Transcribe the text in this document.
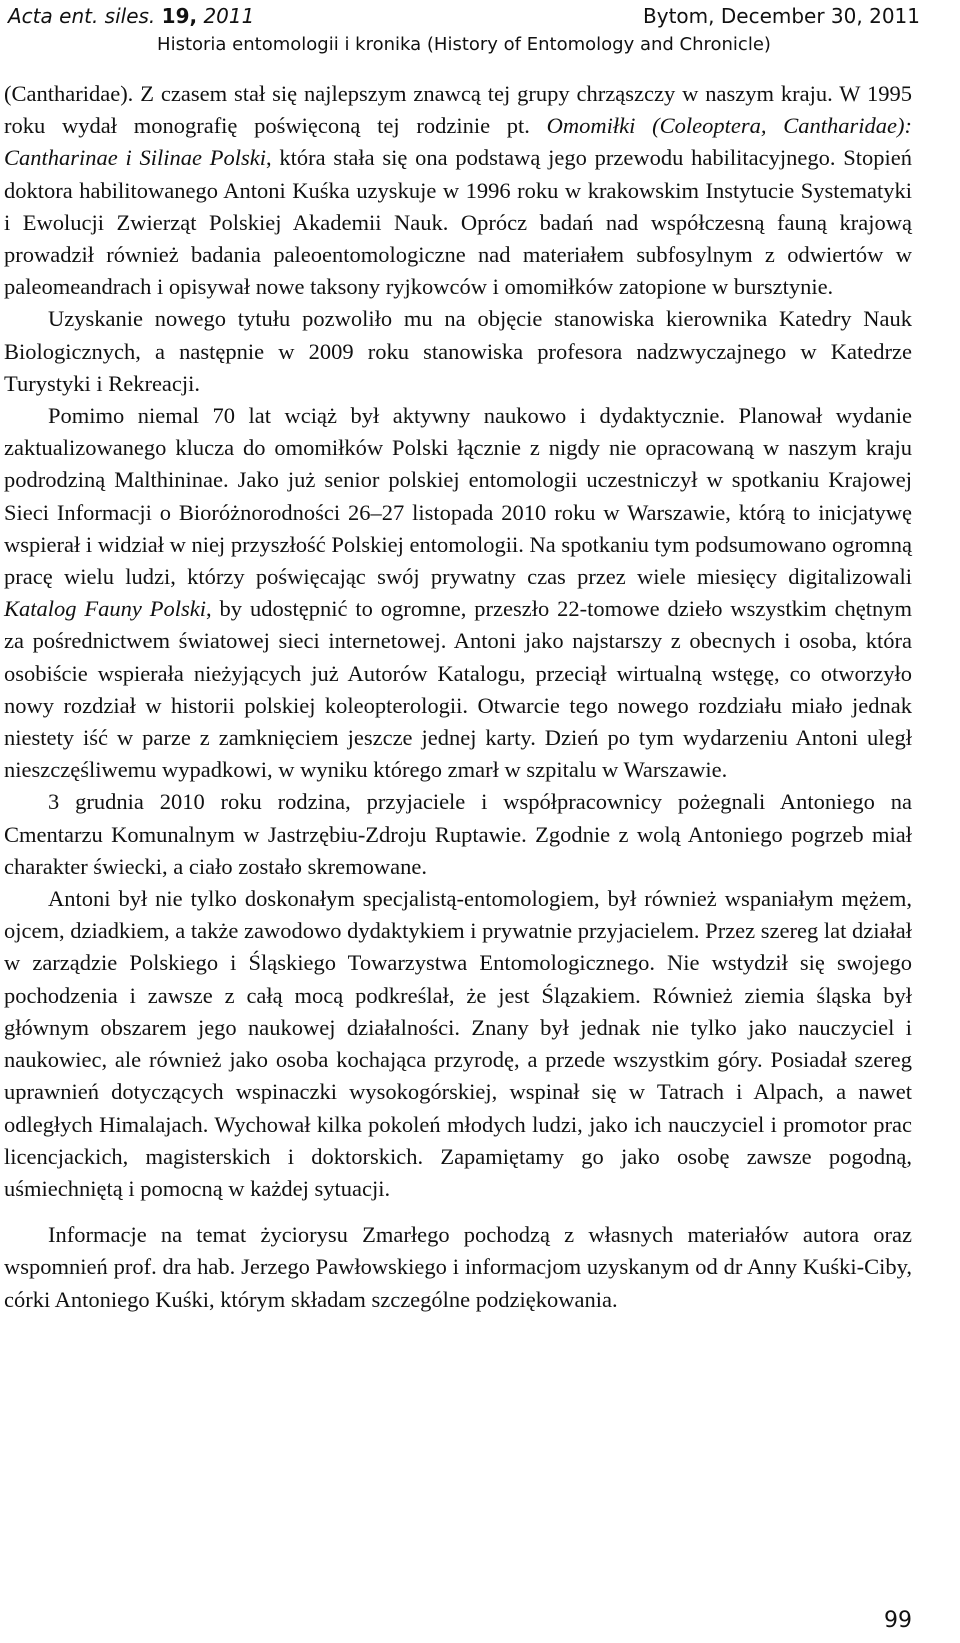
Acta ent. siles. 19, 2011	Bytom, December 30, 2011
Historia entomologii i kronika (History of Entomology and Chronicle)

(Cantharidae). Z czasem stał się najlepszym znawcą tej grupy chrząszczy w naszym kraju. W 1995 roku wydał monografię poświęconą tej rodzinie pt. Omomiłki (Coleoptera, Cantharidae): Cantharinae i Silinae Polski, która stała się ona podstawą jego przewodu habilitacyjnego. Stopień doktora habilitowanego Antoni Kuśka uzyskuje w 1996 roku w krakowskim Instytucie Systematyki i Ewolucji Zwierząt Polskiej Akademii Nauk. Oprócz badań nad współczesną fauną krajową prowadził również badania paleoentomologiczne nad materiałem subfosylnym z odwiertów w paleomeandrach i opisywał nowe taksony ryjkowców i omomiłków zatopione w bursztynie.

Uzyskanie nowego tytułu pozwoliło mu na objęcie stanowiska kierownika Katedry Nauk Biologicznych, a następnie w 2009 roku stanowiska profesora nadzwyczajnego w Katedrze Turystyki i Rekreacji.

Pomimo niemal 70 lat wciąż był aktywny naukowo i dydaktycznie. Planował wydanie zaktualizowanego klucza do omomiłków Polski łącznie z nigdy nie opracowaną w naszym kraju podrodziną Malthininae. Jako już senior polskiej entomologii uczestniczył w spotkaniu Krajowej Sieci Informacji o Bioróżnorodności 26–27 listopada 2010 roku w Warszawie, którą to inicjatywę wspierał i widział w niej przyszłość Polskiej entomologii. Na spotkaniu tym podsumowano ogromną pracę wielu ludzi, którzy poświęcając swój prywatny czas przez wiele miesięcy digitalizowali Katalog Fauny Polski, by udostępnić to ogromne, przeszło 22-tomowe dzieło wszystkim chętnym za pośrednictwem światowej sieci internetowej. Antoni jako najstarszy z obecnych i osoba, która osobiście wspierała nieżyjących już Autorów Katalogu, przeciął wirtualną wstęgę, co otworzyło nowy rozdział w historii polskiej koleopterologii. Otwarcie tego nowego rozdziału miało jednak niestety iść w parze z zamknięciem jeszcze jednej karty. Dzień po tym wydarzeniu Antoni uległ nieszczęśliwemu wypadkowi, w wyniku którego zmarł w szpitalu w Warszawie.

3 grudnia 2010 roku rodzina, przyjaciele i współpracownicy pożegnali Antoniego na Cmentarzu Komunalnym w Jastrzębiu-Zdroju Ruptawie. Zgodnie z wolą Antoniego pogrzeb miał charakter świecki, a ciało zostało skremowane.

Antoni był nie tylko doskonałym specjalistą-entomologiem, był również wspaniałym mężem, ojcem, dziadkiem, a także zawodowo dydaktykiem i prywatnie przyjacielem. Przez szereg lat działał w zarządzie Polskiego i Śląskiego Towarzystwa Entomologicznego. Nie wstydził się swojego pochodzenia i zawsze z całą mocą podkreślał, że jest Ślązakiem. Również ziemia śląska był głównym obszarem jego naukowej działalności. Znany był jednak nie tylko jako nauczyciel i naukowiec, ale również jako osoba kochająca przyrodę, a przede wszystkim góry. Posiadał szereg uprawnień dotyczących wspinaczki wysokogórskiej, wspinał się w Tatrach i Alpach, a nawet odległych Himalajach. Wychował kilka pokoleń młodych ludzi, jako ich nauczyciel i promotor prac licencjackich, magisterskich i doktorskich. Zapamiętamy go jako osobę zawsze pogodną, uśmiechniętą i pomocną w każdej sytuacji.

Informacje na temat życiorysu Zmarłego pochodzą z własnych materiałów autora oraz wspomnień prof. dra hab. Jerzego Pawłowskiego i informacjom uzyskanym od dr Anny Kuśki-Ciby, córki Antoniego Kuśki, którym składam szczególne podziękowania.

99
